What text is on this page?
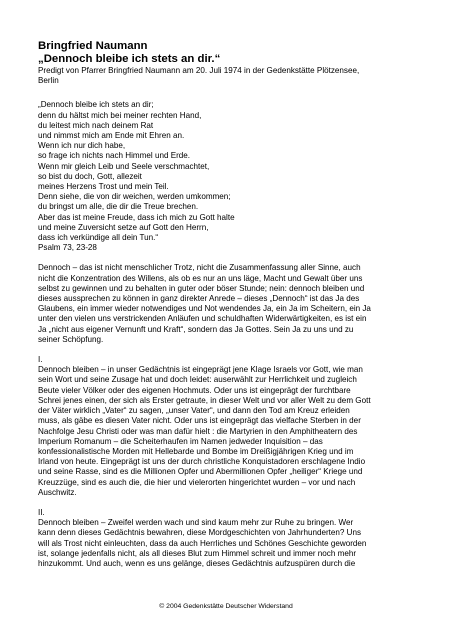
Bringfried Naumann
„Dennoch bleibe ich stets an dir.“
Predigt von Pfarrer Bringfried Naumann am 20. Juli 1974 in der Gedenkstätte Plötzensee,
Berlin
„Dennoch bleibe ich stets an dir;
denn du hältst mich bei meiner rechten Hand,
du leitest mich nach deinem Rat
und nimmst mich am Ende mit Ehren an.
Wenn ich nur dich habe,
so frage ich nichts nach Himmel und Erde.
Wenn mir gleich Leib und Seele verschmachtet,
so bist du doch, Gott, allezeit
meines Herzens Trost und mein Teil.
Denn siehe, die von dir weichen, werden umkommen;
du bringst um alle, die dir die Treue brechen.
Aber das ist meine Freude, dass ich mich zu Gott halte
und meine Zuversicht setze auf Gott den Herrn,
dass ich verkündige all dein Tun.“
Psalm 73, 23-28
Dennoch – das ist nicht menschlicher Trotz, nicht die Zusammenfassung aller Sinne, auch
nicht die Konzentration des Willens, als ob es nur an uns läge, Macht und Gewalt über uns
selbst zu gewinnen und zu behalten in guter oder böser Stunde; nein: dennoch bleiben und
dieses aussprechen zu können in ganz direkter Anrede – dieses „Dennoch“ ist das Ja des
Glaubens, ein immer wieder notwendiges und Not wendendes Ja, ein Ja im Scheitern, ein Ja
unter den vielen uns verstrickenden Anläufen und schuldhaften Widerwärtigkeiten, es ist ein
Ja „nicht aus eigener Vernunft und Kraft“, sondern das Ja Gottes. Sein Ja zu uns und zu
seiner Schöpfung.
I.
Dennoch bleiben – in unser Gedächtnis ist eingeprägt jene Klage Israels vor Gott, wie man
sein Wort und seine Zusage hat und doch leidet: auserwählt zur Herrlichkeit und zugleich
Beute vieler Völker oder des eigenen Hochmuts. Oder uns ist eingeprägt der furchtbare
Schrei jenes einen, der sich als Erster getraute, in dieser Welt und vor aller Welt zu dem Gott
der Väter wirklich „Vater“ zu sagen, „unser Vater“, und dann den Tod am Kreuz erleiden
muss, als gäbe es diesen Vater nicht. Oder uns ist eingeprägt das vielfache Sterben in der
Nachfolge Jesu Christi oder was man dafür hielt : die Martyrien in den Amphitheatern des
Imperium Romanum – die Scheiterhaufen im Namen jedweder Inquisition – das
konfessionalistische Morden mit Hellebarde und Bombe im Dreißigjährigen Krieg und im
Irland von heute. Eingeprägt ist uns der durch christliche Konquistadoren erschlagene Indio
und seine Rasse, sind es die Millionen Opfer und Abermillionen Opfer „heiliger“ Kriege und
Kreuzzüge, sind es auch die, die hier und vielerorten hingerichtet wurden – vor und nach
Auschwitz.
II.
Dennoch bleiben – Zweifel werden wach und sind kaum mehr zur Ruhe zu bringen. Wer
kann denn dieses Gedächtnis bewahren, diese Mordgeschichten von Jahrhunderten? Uns
will als Trost nicht einleuchten, dass da auch Herrliches und Schönes Geschichte geworden
ist, solange jedenfalls nicht, als all dieses Blut zum Himmel schreit und immer noch mehr
hinzukommt. Und auch, wenn es uns gelänge, dieses Gedächtnis aufzuspüren durch die
© 2004 Gedenkstätte Deutscher Widerstand
